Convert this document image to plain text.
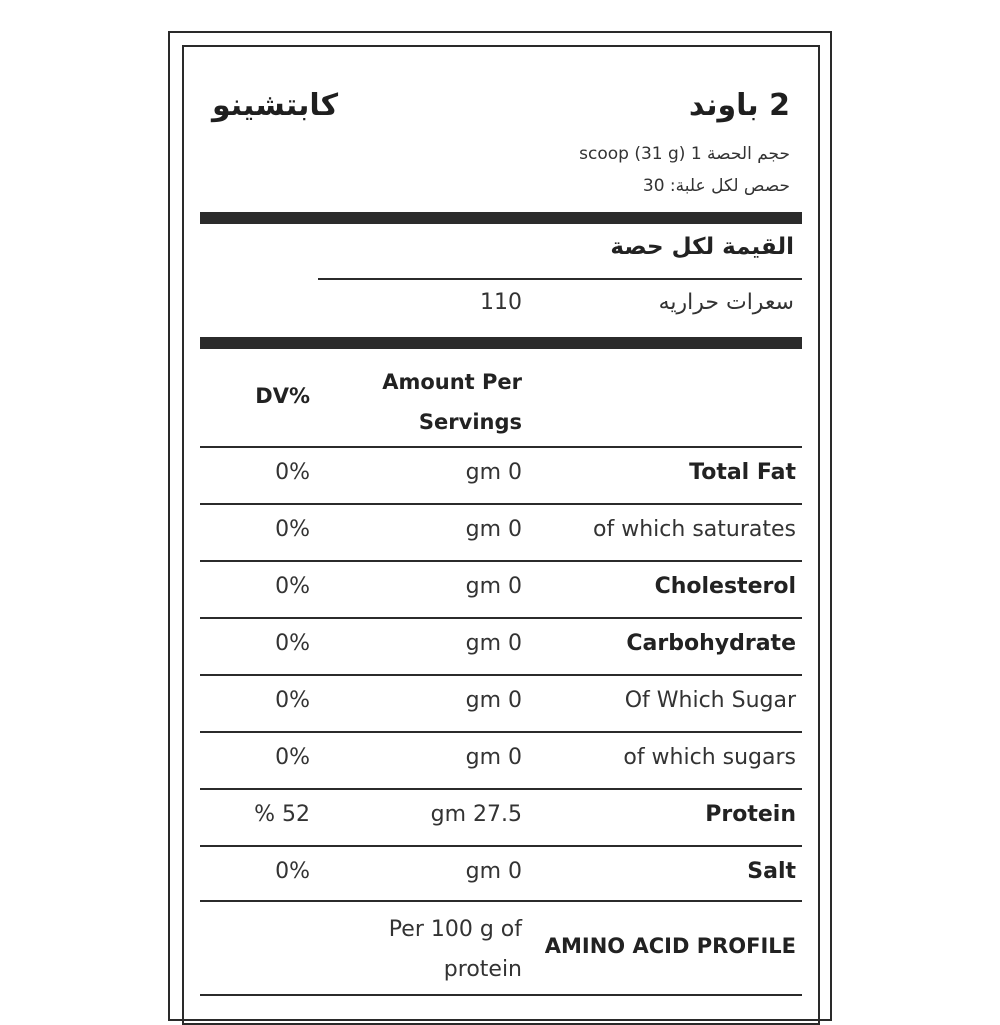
كابتشينو	2 باوند
حجم الحصة 1 scoop (31 g)
حصص لكل علبة: 30
القيمة لكل حصة
سعرات حراريه
110
DV%
Amount Per Servings
Total Fat
gm 0
0%
of which saturates
gm 0
0%
Cholesterol
gm 0
0%
Carbohydrate
gm 0
0%
Of Which Sugar
gm 0
0%
of which sugars
gm 0
0%
Protein
gm 27.5
% 52
Salt
gm 0
0%
AMINO ACID PROFILE
Per 100 g of protein
